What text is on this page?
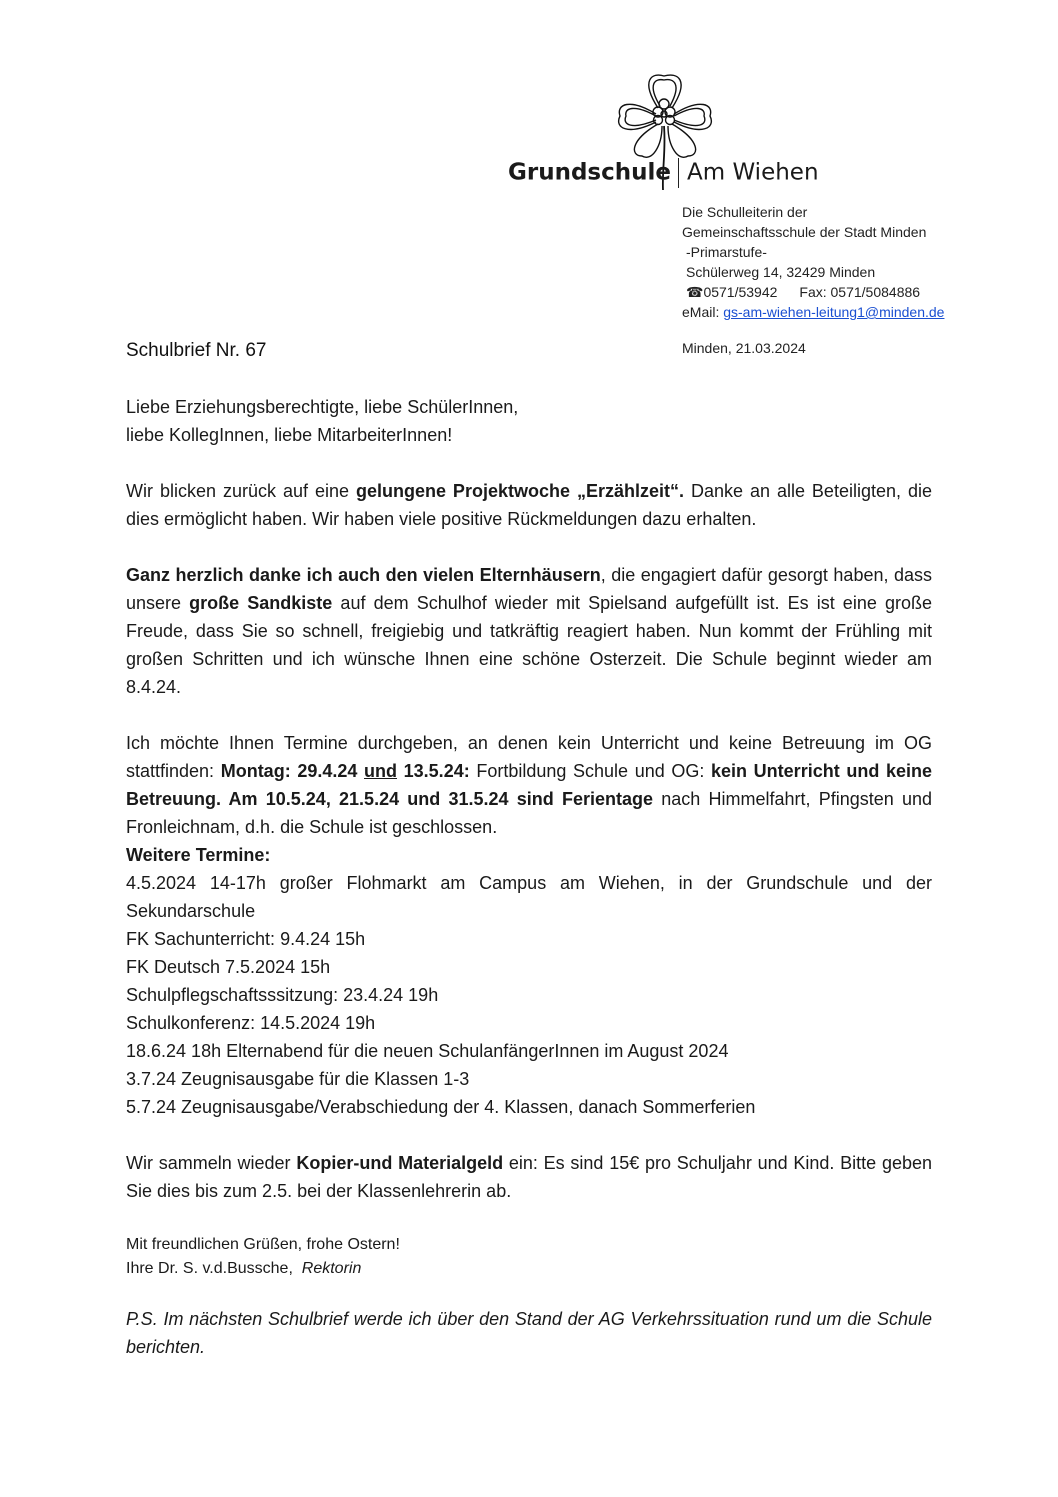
Grundschule Am Wiehen
Die Schulleiterin der
Gemeinschaftsschule der Stadt Minden
-Primarstufe-
Schülerweg 14, 32429 Minden
☎0571/53942 Fax: 0571/5084886
eMail: gs-am-wiehen-leitung1@minden.de
Schulbrief Nr. 67	Minden, 21.03.2024

Liebe Erziehungsberechtigte, liebe SchülerInnen,

liebe KollegInnen, liebe MitarbeiterInnen!

Wir blicken zurück auf eine gelungene Projektwoche „Erzählzeit“. Danke an alle Beteiligten, die dies ermöglicht haben. Wir haben viele positive Rückmeldungen dazu erhalten.

Ganz herzlich danke ich auch den vielen Elternhäusern, die engagiert dafür gesorgt haben, dass unsere große Sandkiste auf dem Schulhof wieder mit Spielsand aufgefüllt ist. Es ist eine große Freude, dass Sie so schnell, freigiebig und tatkräftig reagiert haben. Nun kommt der Frühling mit großen Schritten und ich wünsche Ihnen eine schöne Osterzeit. Die Schule beginnt wieder am 8.4.24.

Ich möchte Ihnen Termine durchgeben, an denen kein Unterricht und keine Betreuung im OG stattfinden: Montag: 29.4.24 und 13.5.24: Fortbildung Schule und OG: kein Unterricht und keine Betreuung. Am 10.5.24, 21.5.24 und 31.5.24 sind Ferientage nach Himmelfahrt, Pfingsten und Fronleichnam, d.h. die Schule ist geschlossen.

Weitere Termine:

4.5.2024 14-17h großer Flohmarkt am Campus am Wiehen, in der Grundschule und der Sekundarschule

FK Sachunterricht: 9.4.24 15h

FK Deutsch 7.5.2024 15h

Schulpflegschaftsssitzung: 23.4.24 19h

Schulkonferenz: 14.5.2024 19h

18.6.24 18h Elternabend für die neuen SchulanfängerInnen im August 2024

3.7.24 Zeugnisausgabe für die Klassen 1-3

5.7.24 Zeugnisausgabe/Verabschiedung der 4. Klassen, danach Sommerferien

Wir sammeln wieder Kopier-und Materialgeld ein: Es sind 15€ pro Schuljahr und Kind. Bitte geben Sie dies bis zum 2.5. bei der Klassenlehrerin ab.

Mit freundlichen Grüßen, frohe Ostern!

Ihre Dr. S. v.d.Bussche,  Rektorin

P.S. Im nächsten Schulbrief werde ich über den Stand der AG Verkehrssituation rund um die Schule berichten.
